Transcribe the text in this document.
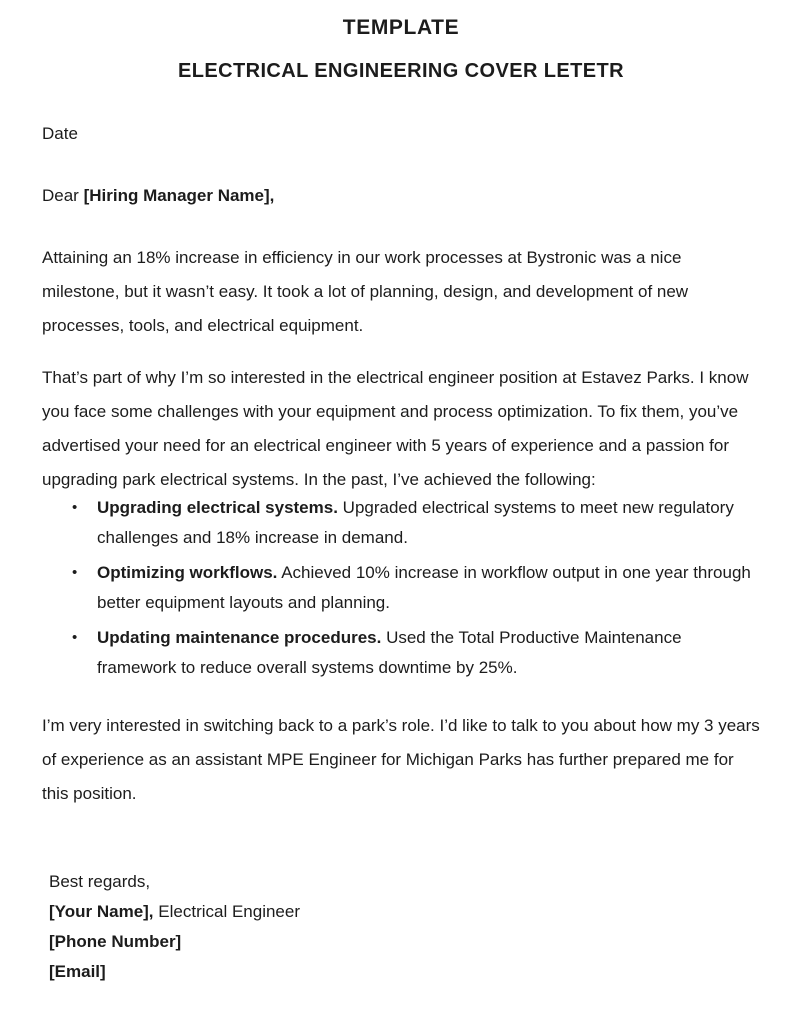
TEMPLATE
ELECTRICAL ENGINEERING COVER LETETR
Date

Dear [Hiring Manager Name],

Attaining an 18% increase in efficiency in our work processes at Bystronic was a nice milestone, but it wasn’t easy. It took a lot of planning, design, and development of new processes, tools, and electrical equipment.

That’s part of why I’m so interested in the electrical engineer position at Estavez Parks. I know you face some challenges with your equipment and process optimization. To fix them, you’ve advertised your need for an electrical engineer with 5 years of experience and a passion for upgrading park electrical systems. In the past, I’ve achieved the following:

• Upgrading electrical systems. Upgraded electrical systems to meet new regulatory challenges and 18% increase in demand.
• Optimizing workflows. Achieved 10% increase in workflow output in one year through better equipment layouts and planning.
• Updating maintenance procedures. Used the Total Productive Maintenance framework to reduce overall systems downtime by 25%.

I’m very interested in switching back to a park’s role. I’d like to talk to you about how my 3 years of experience as an assistant MPE Engineer for Michigan Parks has further prepared me for this position.

Best regards,
[Your Name], Electrical Engineer
[Phone Number]
[Email]
